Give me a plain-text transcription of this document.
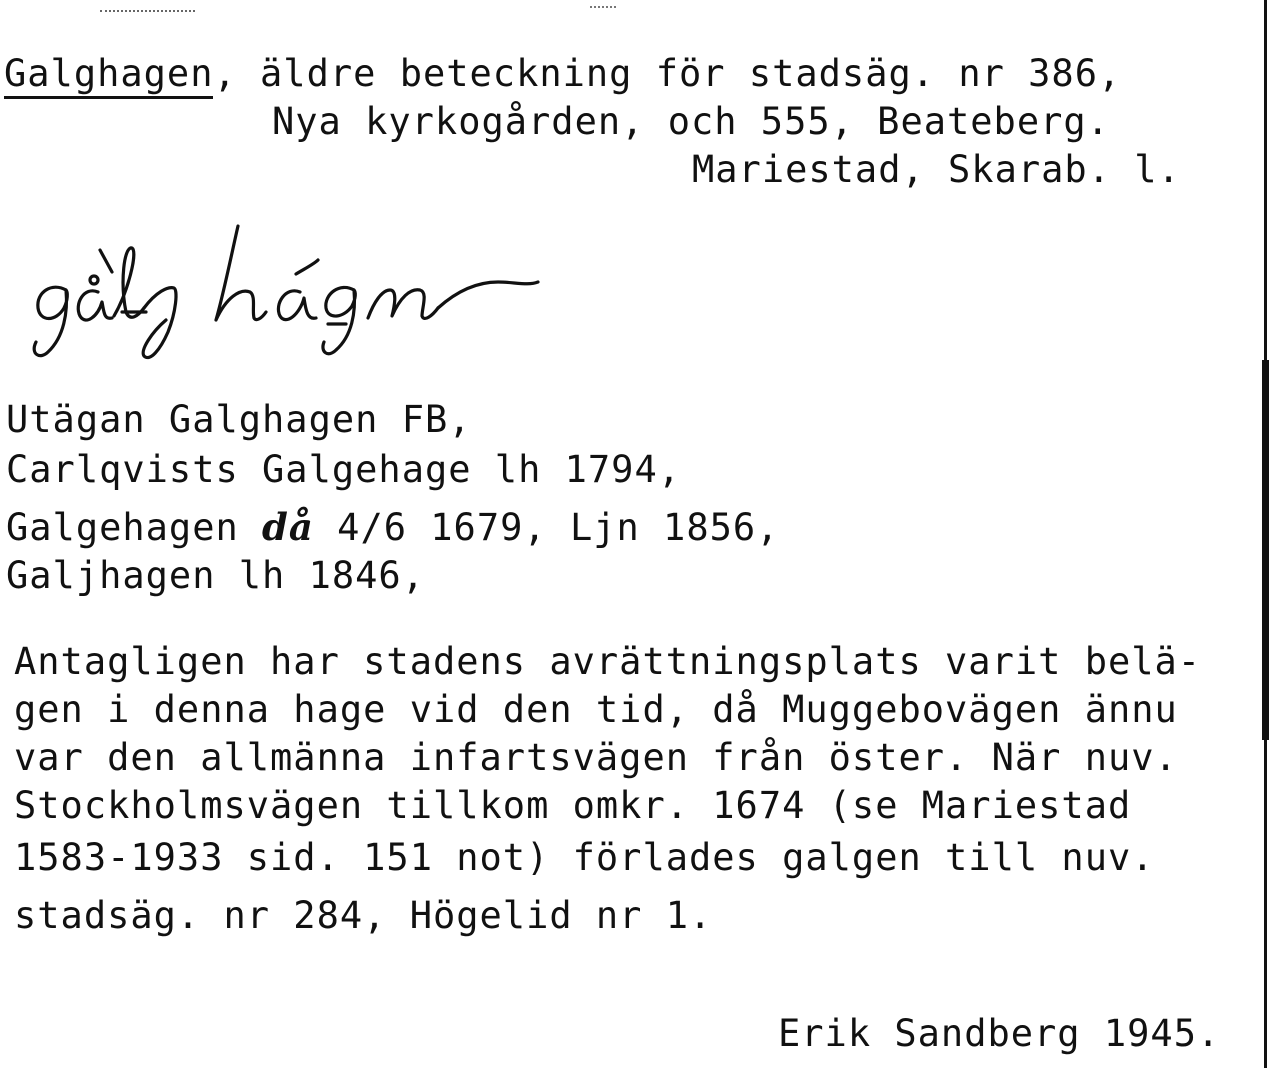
Galghagen, äldre beteckning för stadsäg. nr 386,
Nya kyrkogården, och 555, Beateberg.
Mariestad, Skarab. l.
Utägan Galghagen FB,
Carlqvists Galgehage lh 1794,
Galgehagen då 4/6 1679, Ljn 1856,
Galjhagen lh 1846,
Antagligen har stadens avrättningsplats varit belä-
gen i denna hage vid den tid, då Muggebovägen ännu
var den allmänna infartsvägen från öster. När nuv.
Stockholmsvägen tillkom omkr. 1674 (se Mariestad
1583-1933 sid. 151 not) förlades galgen till nuv.
stadsäg. nr 284, Högelid nr 1.
Erik Sandberg 1945.
